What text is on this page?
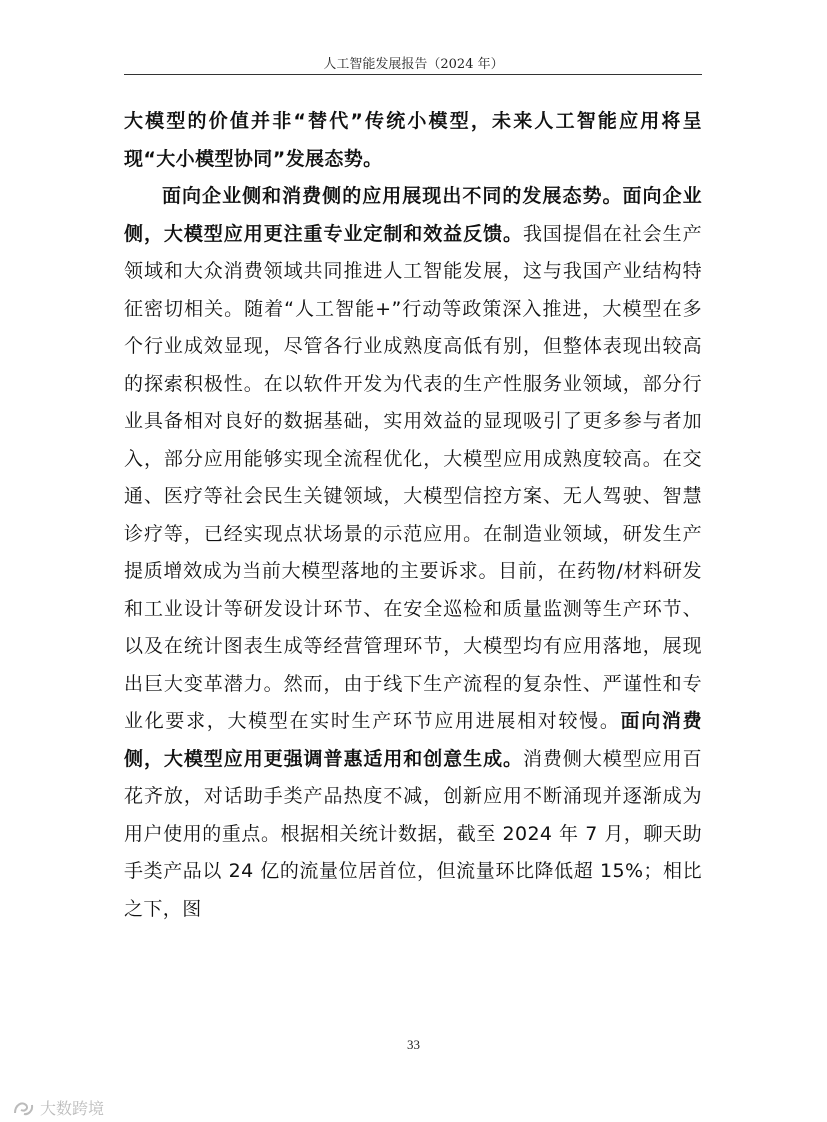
人工智能发展报告（2024 年）

大模型的价值并非“替代”传统小模型，未来人工智能应用将呈现“大小模型协同”发展态势。

面向企业侧和消费侧的应用展现出不同的发展态势。面向企业侧，大模型应用更注重专业定制和效益反馈。我国提倡在社会生产领域和大众消费领域共同推进人工智能发展，这与我国产业结构特征密切相关。随着“人工智能+”行动等政策深入推进，大模型在多个行业成效显现，尽管各行业成熟度高低有别，但整体表现出较高的探索积极性。在以软件开发为代表的生产性服务业领域，部分行业具备相对良好的数据基础，实用效益的显现吸引了更多参与者加入，部分应用能够实现全流程优化，大模型应用成熟度较高。在交通、医疗等社会民生关键领域，大模型信控方案、无人驾驶、智慧诊疗等，已经实现点状场景的示范应用。在制造业领域，研发生产提质增效成为当前大模型落地的主要诉求。目前，在药物/材料研发和工业设计等研发设计环节、在安全巡检和质量监测等生产环节、以及在统计图表生成等经营管理环节，大模型均有应用落地，展现出巨大变革潜力。然而，由于线下生产流程的复杂性、严谨性和专业化要求，大模型在实时生产环节应用进展相对较慢。面向消费侧，大模型应用更强调普惠适用和创意生成。消费侧大模型应用百花齐放，对话助手类产品热度不减，创新应用不断涌现并逐渐成为用户使用的重点。根据相关统计数据，截至 2024 年 7 月，聊天助手类产品以 24 亿的流量位居首位，但流量环比降低超 15%；相比之下，图

33
大数跨境
